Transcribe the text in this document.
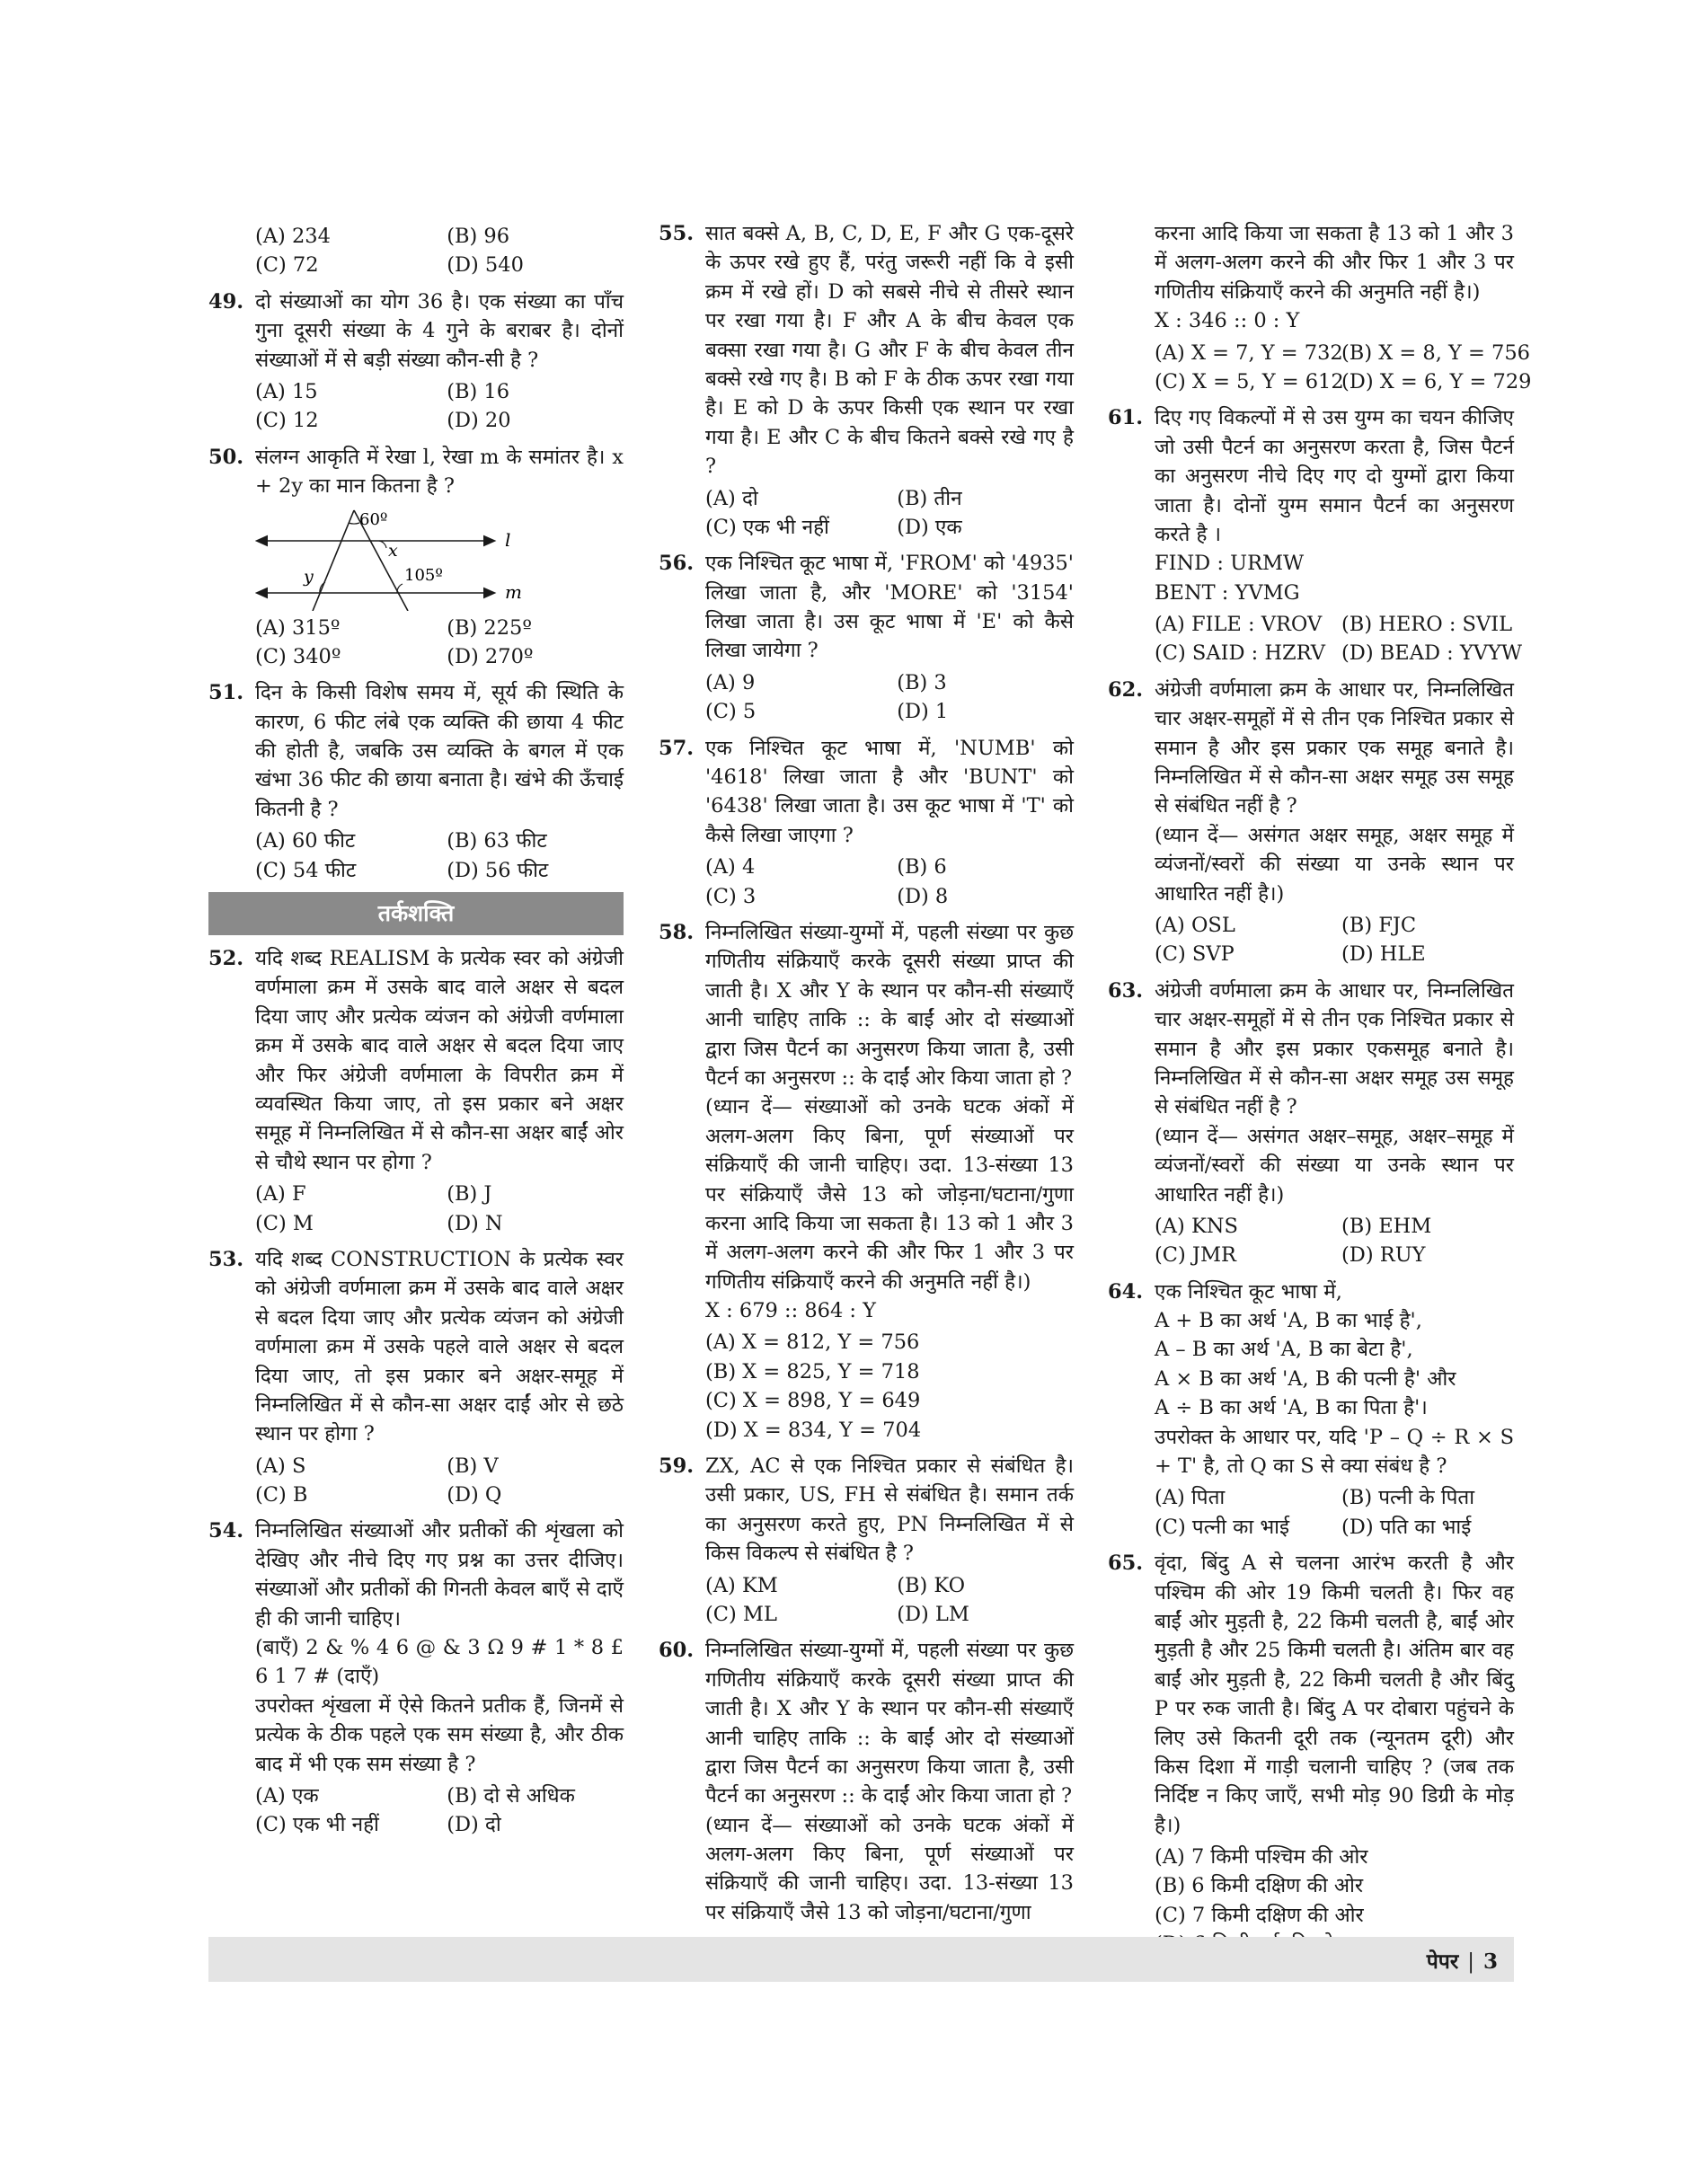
(A) 234	(B) 96
(C) 72	(D) 540
49. दो संख्याओं का योग 36 है। एक संख्या का पाँच गुना दूसरी संख्या के 4 गुने के बराबर है। दोनों संख्याओं में से बड़ी संख्या कौन-सी है ?

(A) 15	(B) 16
(C) 12	(D) 20
50. संलग्न आकृति में रेखा l, रेखा m के समांतर है। x + 2y का मान कितना है ?

60º
x
105º
y
l
m
(A) 315º	(B) 225º
(C) 340º	(D) 270º
51. दिन के किसी विशेष समय में, सूर्य की स्थिति के कारण, 6 फीट लंबे एक व्यक्ति की छाया 4 फीट की होती है, जबकि उस व्यक्ति के बगल में एक खंभा 36 फीट की छाया बनाता है। खंभे की ऊँचाई कितनी है ?

(A) 60 फीट	(B) 63 फीट
(C) 54 फीट	(D) 56 फीट
तर्कशक्ति
52. यदि शब्द REALISM के प्रत्येक स्वर को अंग्रेजी वर्णमाला क्रम में उसके बाद वाले अक्षर से बदल दिया जाए और प्रत्येक व्यंजन को अंग्रेजी वर्णमाला क्रम में उसके बाद वाले अक्षर से बदल दिया जाए और फिर अंग्रेजी वर्णमाला के विपरीत क्रम में व्यवस्थित किया जाए, तो इस प्रकार बने अक्षर समूह में निम्नलिखित में से कौन-सा अक्षर बाईं ओर से चौथे स्थान पर होगा ?

(A) F	(B) J
(C) M	(D) N
53. यदि शब्द CONSTRUCTION के प्रत्येक स्वर को अंग्रेजी वर्णमाला क्रम में उसके बाद वाले अक्षर से बदल दिया जाए और प्रत्येक व्यंजन को अंग्रेजी वर्णमाला क्रम में उसके पहले वाले अक्षर से बदल दिया जाए, तो इस प्रकार बने अक्षर-समूह में निम्नलिखित में से कौन-सा अक्षर दाईं ओर से छठे स्थान पर होगा ?

(A) S	(B) V
(C) B	(D) Q
54. निम्नलिखित संख्याओं और प्रतीकों की शृंखला को देखिए और नीचे दिए गए प्रश्न का उत्तर दीजिए। संख्याओं और प्रतीकों की गिनती केवल बाएँ से दाएँ ही की जानी चाहिए।

(बाएँ) 2 & % 4 6 @ & 3 Ω 9 # 1 * 8 £ 6 1 7 # (दाएँ)

उपरोक्त शृंखला में ऐसे कितने प्रतीक हैं, जिनमें से प्रत्येक के ठीक पहले एक सम संख्या है, और ठीक बाद में भी एक सम संख्या है ?

(A) एक	(B) दो से अधिक
(C) एक भी नहीं	(D) दो
55. सात बक्से A, B, C, D, E, F और G एक-दूसरे के ऊपर रखे हुए हैं, परंतु जरूरी नहीं कि वे इसी क्रम में रखे हों। D को सबसे नीचे से तीसरे स्थान पर रखा गया है। F और A के बीच केवल एक बक्सा रखा गया है। G और F के बीच केवल तीन बक्से रखे गए है। B को F के ठीक ऊपर रखा गया है। E को D के ऊपर किसी एक स्थान पर रखा गया है। E और C के बीच कितने बक्से रखे गए है ?

(A) दो	(B) तीन
(C) एक भी नहीं	(D) एक
56. एक निश्चित कूट भाषा में, 'FROM' को '4935' लिखा जाता है, और 'MORE' को '3154' लिखा जाता है। उस कूट भाषा में 'E' को कैसे लिखा जायेगा ?

(A) 9	(B) 3
(C) 5	(D) 1
57. एक निश्चित कूट भाषा में, 'NUMB' को '4618' लिखा जाता है और 'BUNT' को '6438' लिखा जाता है। उस कूट भाषा में 'T' को कैसे लिखा जाएगा ?

(A) 4	(B) 6
(C) 3	(D) 8
58. निम्नलिखित संख्या-युग्मों में, पहली संख्या पर कुछ गणितीय संक्रियाएँ करके दूसरी संख्या प्राप्त की जाती है। X और Y के स्थान पर कौन-सी संख्याएँ आनी चाहिए ताकि :: के बाईं ओर दो संख्याओं द्वारा जिस पैटर्न का अनुसरण किया जाता है, उसी पैटर्न का अनुसरण :: के दाईं ओर किया जाता हो ?

(ध्यान दें— संख्याओं को उनके घटक अंकों में अलग-अलग किए बिना, पूर्ण संख्याओं पर संक्रियाएँ की जानी चाहिए। उदा. 13-संख्या 13 पर संक्रियाएँ जैसे 13 को जोड़ना/घटाना/गुणा करना आदि किया जा सकता है। 13 को 1 और 3 में अलग-अलग करने की और फिर 1 और 3 पर गणितीय संक्रियाएँ करने की अनुमति नहीं है।)

X : 679 :: 864 : Y

(A) X = 812, Y = 756
(B) X = 825, Y = 718
(C) X = 898, Y = 649
(D) X = 834, Y = 704
59. ZX, AC से एक निश्चित प्रकार से संबंधित है। उसी प्रकार, US, FH से संबंधित है। समान तर्क का अनुसरण करते हुए, PN निम्नलिखित में से किस विकल्प से संबंधित है ?

(A) KM	(B) KO
(C) ML	(D) LM
60. निम्नलिखित संख्या-युग्मों में, पहली संख्या पर कुछ गणितीय संक्रियाएँ करके दूसरी संख्या प्राप्त की जाती है। X और Y के स्थान पर कौन-सी संख्याएँ आनी चाहिए ताकि :: के बाईं ओर दो संख्याओं द्वारा जिस पैटर्न का अनुसरण किया जाता है, उसी पैटर्न का अनुसरण :: के दाईं ओर किया जाता हो ?

(ध्यान दें— संख्याओं को उनके घटक अंकों में अलग-अलग किए बिना, पूर्ण संख्याओं पर संक्रियाएँ की जानी चाहिए। उदा. 13-संख्या 13 पर संक्रियाएँ जैसे 13 को जोड़ना/घटाना/गुणा

करना आदि किया जा सकता है 13 को 1 और 3 में अलग-अलग करने की और फिर 1 और 3 पर गणितीय संक्रियाएँ करने की अनुमति नहीं है।)

X : 346 :: 0 : Y

(A) X = 7, Y = 732
(B) X = 8, Y = 756
(C) X = 5, Y = 612
(D) X = 6, Y = 729
61. दिए गए विकल्पों में से उस युग्म का चयन कीजिए जो उसी पैटर्न का अनुसरण करता है, जिस पैटर्न का अनुसरण नीचे दिए गए दो युग्मों द्वारा किया जाता है। दोनों युग्म समान पैटर्न का अनुसरण करते है ।

FIND : URMW

BENT : YVMG

(A) FILE : VROV (B) HERO : SVIL
(C) SAID : HZRV (D) BEAD : YVYW
62. अंग्रेजी वर्णमाला क्रम के आधार पर, निम्नलिखित चार अक्षर-समूहों में से तीन एक निश्चित प्रकार से समान है और इस प्रकार एक समूह बनाते है। निम्नलिखित में से कौन-सा अक्षर समूह उस समूह से संबंधित नहीं है ?

(ध्यान दें— असंगत अक्षर समूह, अक्षर समूह में व्यंजनों/स्वरों की संख्या या उनके स्थान पर आधारित नहीं है।)

(A) OSL	(B) FJC
(C) SVP	(D) HLE
63. अंग्रेजी वर्णमाला क्रम के आधार पर, निम्नलिखित चार अक्षर-समूहों में से तीन एक निश्चित प्रकार से समान है और इस प्रकार एकसमूह बनाते है। निम्नलिखित में से कौन-सा अक्षर समूह उस समूह से संबंधित नहीं है ?

(ध्यान दें— असंगत अक्षर–समूह, अक्षर–समूह में व्यंजनों/स्वरों की संख्या या उनके स्थान पर आधारित नहीं है।)

(A) KNS	(B) EHM
(C) JMR	(D) RUY
64. एक निश्चित कूट भाषा में,

A + B का अर्थ 'A, B का भाई है',

A – B का अर्थ 'A, B का बेटा है',

A × B का अर्थ 'A, B की पत्नी है' और

A ÷ B का अर्थ 'A, B का पिता है'।

उपरोक्त के आधार पर, यदि 'P – Q ÷ R × S + T' है, तो Q का S से क्या संबंध है ?

(A) पिता	(B) पत्नी के पिता
(C) पत्नी का भाई	(D) पति का भाई
65. वृंदा, बिंदु A से चलना आरंभ करती है और पश्चिम की ओर 19 किमी चलती है। फिर वह बाईं ओर मुड़ती है, 22 किमी चलती है, बाईं ओर मुड़ती है और 25 किमी चलती है। अंतिम बार वह बाईं ओर मुड़ती है, 22 किमी चलती है और बिंदु P पर रुक जाती है। बिंदु A पर दोबारा पहुंचने के लिए उसे कितनी दूरी तक (न्यूनतम दूरी) और किस दिशा में गाड़ी चलानी चाहिए ? (जब तक निर्दिष्ट न किए जाएँ, सभी मोड़ 90 डिग्री के मोड़ है।)

(A) 7 किमी पश्चिम की ओर
(B) 6 किमी दक्षिण की ओर
(C) 7 किमी दक्षिण की ओर
पेपर | 3
